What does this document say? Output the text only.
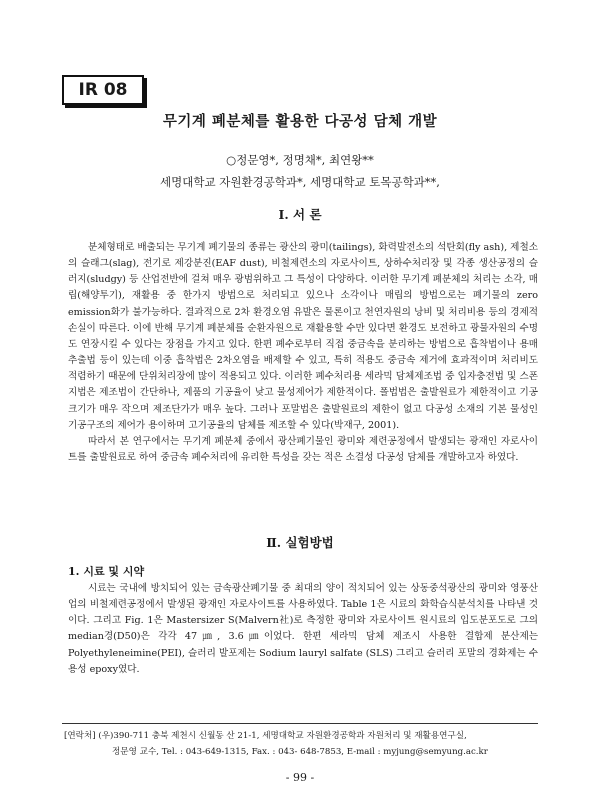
IR 08
무기계 폐분체를 활용한 다공성 담체 개발
○정문영*, 정명채*, 최연왕**
세명대학교 자원환경공학과*, 세명대학교 토목공학과**,
Ⅰ. 서 론

분체형태로 배출되는 무기계 폐기물의 종류는 광산의 광미(tailings), 화력발전소의 석탄회(fly ash), 제철소의 슬래그(slag), 전기로 제강분진(EAF dust), 비철제련소의 자로사이트, 상하수처리장 및 각종 생산공정의 슬러지(sludgy) 등 산업전반에 걸쳐 매우 광범위하고 그 특성이 다양하다. 이러한 무기계 폐분체의 처리는 소각, 매립(해양투기), 재활용 중 한가지 방법으로 처리되고 있으나 소각이나 매립의 방법으로는 폐기물의 zero emission화가 불가능하다. 결과적으로 2차 환경오염 유발은 물론이고 천연자원의 낭비 및 처리비용 등의 경제적 손실이 따른다. 이에 반해 무기계 폐분체를 순환자원으로 재활용할 수만 있다면 환경도 보전하고 광물자원의 수명도 연장시킬 수 있다는 장점을 가지고 있다. 한편 폐수로부터 직접 중금속을 분리하는 방법으로 흡착법이나 용매추출법 등이 있는데 이중 흡착법은 2차오염을 배제할 수 있고, 특히 적용도 중금속 제거에 효과적이며 처리비도 적렴하기 때문에 단위처리장에 많이 적용되고 있다. 이러한 폐수처리용 세라믹 담체제조법 중 입자충전법 및 스폰지법은 제조법이 간단하나, 제품의 기공율이 낮고 물성제어가 제한적이다. 폴법법은 출발원료가 제한적이고 기공크기가 매우 작으며 제조단가가 매우 높다. 그러나 포말법은 출발원료의 제한이 없고 다공성 소재의 기본 물성인 기공구조의 제어가 용이하며 고기공율의 담체를 제조할 수 있다(박재구, 2001).

따라서 본 연구에서는 무기계 폐분체 중에서 광산폐기물인 광미와 제련공정에서 발생되는 광재인 자로사이트를 출발원료로 하여 중금속 폐수처리에 유리한 특성을 갖는 적은 소결성 다공성 담체를 개발하고자 하였다.

Ⅱ. 실험방법
1. 시료 및 시약

시료는 국내에 방치되어 있는 금속광산폐기물 중 최대의 양이 적치되어 있는 상동중석광산의 광미와 영풍산업의 비철제련공정에서 발생된 광재인 자로사이트를 사용하였다. Table 1은 시료의 화학습식분석치를 나타낸 것이다. 그리고 Fig. 1은 Mastersizer S(Malvern社)로 측정한 광미와 자로사이트 원시료의 입도분포도로 그의 median경(D50)은 각각 47㎛, 3.6㎛이었다. 한편 세라믹 담체 제조시 사용한 결합제 분산제는 Polyethyleneimine(PEI), 슬러리 발포제는 Sodium lauryl salfate (SLS) 그리고 슬러리 포말의 경화제는 수용성 epoxy였다.

[연락처] (우)390-711 충북 제천시 신월동 산 21-1, 세명대학교 자원환경공학과 자원처리 및 재활용연구실,
정문영 교수, Tel. : 043-649-1315, Fax. : 043- 648-7853, E-mail : myjung@semyung.ac.kr
- 99 -
